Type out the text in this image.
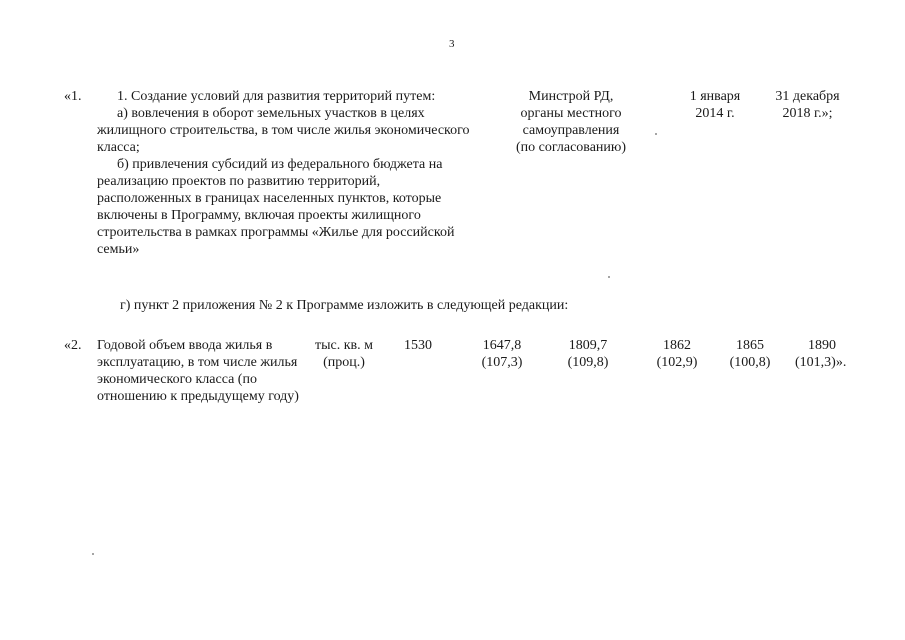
3
«1.	1. Создание условий для развития территорий путем:

а) вовлечения в оборот земельных участков в целях жилищного строительства, в том числе жилья экономического класса;

б) привлечения субсидий из федерального бюджета на реализацию проектов по развитию территорий, расположенных в границах населенных пунктов, которые включены в Программу, включая проекты жилищного строительства в рамках программы «Жилье для российской семьи»

Минстрой РД,
органы местного
самоуправления
(по согласованию)
1 января
2014 г.
31 декабря
2018 г.»;
г) пункт 2 приложения № 2 к Программе изложить в следующей редакции:
«2. Годовой объем ввода жилья в эксплуатацию, в том числе жилья экономического класса (по отношению к предыдущему году)

тыс. кв. м
(проц.)
1530	1647,8
(107,3)
1809,7
(109,8)
1862
(102,9)
1865
(100,8)
1890
(101,3)».
